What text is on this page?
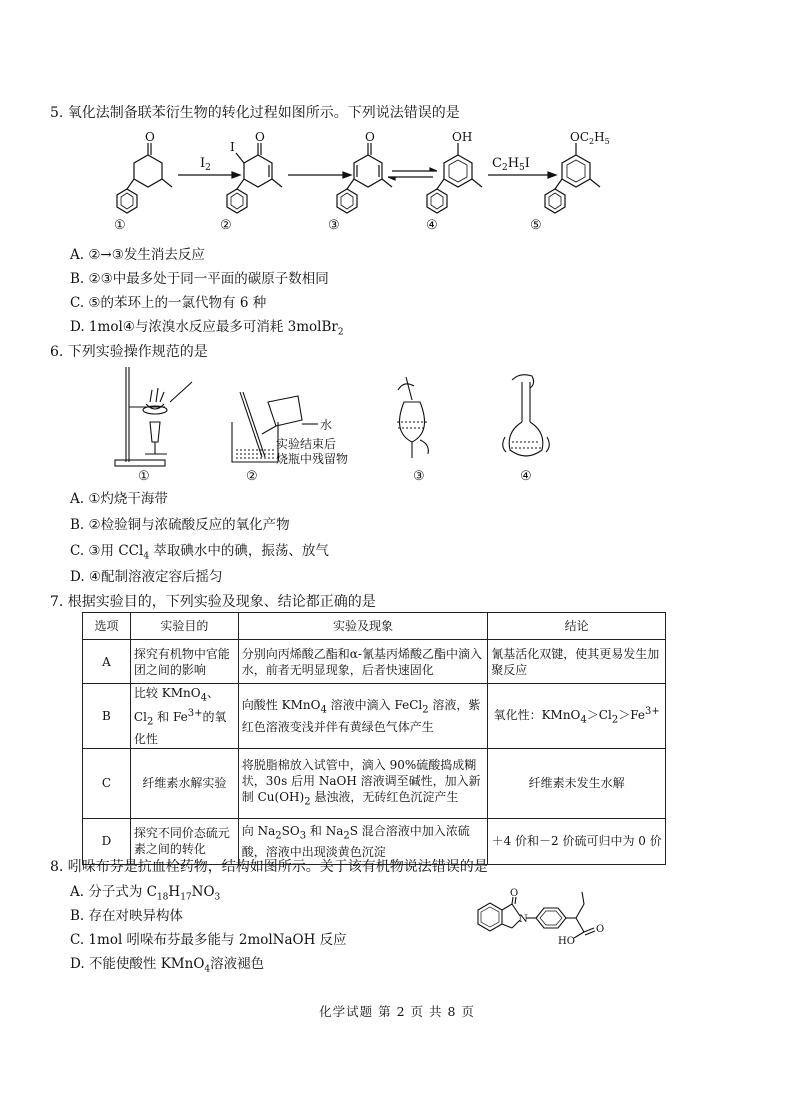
5. 氧化法制备联苯衍生物的转化过程如图所示。下列说法错误的是
O	O
I
O	OH	$OC_2H_5$
$I_2$	$C_2H_5I$
①	②	③	④	⑤
A. ②→③发生消去反应
B. ②③中最多处于同一平面的碳原子数相同
C. ⑤的苯环上的一氯代物有 6 种
D. 1mol④与浓溴水反应最多可消耗 3molBr$_2$
6. 下列实验操作规范的是
水
实验结束后
烧瓶中残留物
①	②	③	④
A. ①灼烧干海带
B. ②检验铜与浓硫酸反应的氧化产物
C. ③用 CCl$_4$ 萃取碘水中的碘，振荡、放气
D. ④配制溶液定容后摇匀
7. 根据实验目的，下列实验及现象、结论都正确的是
选项	实验目的	实验及现象	结论
A	探究有机物中官能团之间的影响	分别向丙烯酸乙酯和α-氰基丙烯酸乙酯中滴入水，前者无明显现象，后者快速固化	氰基活化双键，使其更易发生加聚反应
B	比较 KMnO$_4$、$Cl_2$ 和 $Fe^{3+}$的氧化性	向酸性 KMnO$_4$ 溶液中滴入 FeCl$_2$ 溶液，紫红色溶液变浅并伴有黄绿色气体产生	氧化性：$KMnO_4>Cl_2>Fe^{3+}$
C	纤维素水解实验	将脱脂棉放入试管中，滴入 90%硫酸捣成糊状，30s 后用 NaOH 溶液调至碱性，加入新制 $Cu(OH)_2$ 悬浊液，无砖红色沉淀产生	纤维素未发生水解
D	探究不同价态硫元素之间的转化	向 $Na_2SO_3$ 和 $Na_2S$ 混合溶液中加入浓硫酸，溶液中出现淡黄色沉淀	＋4 价和－2 价硫可归中为 0 价
8. 吲哚布芬是抗血栓药物，结构如图所示。关于该有机物说法错误的是
A. 分子式为 $C_{18}H_{17}NO_3$
B. 存在对映异构体
C. 1mol 吲哚布芬最多能与 2molNaOH 反应
D. 不能使酸性 KMnO$_4$溶液褪色
O
N
HO
O
化学试题 第 2 页 共 8 页
